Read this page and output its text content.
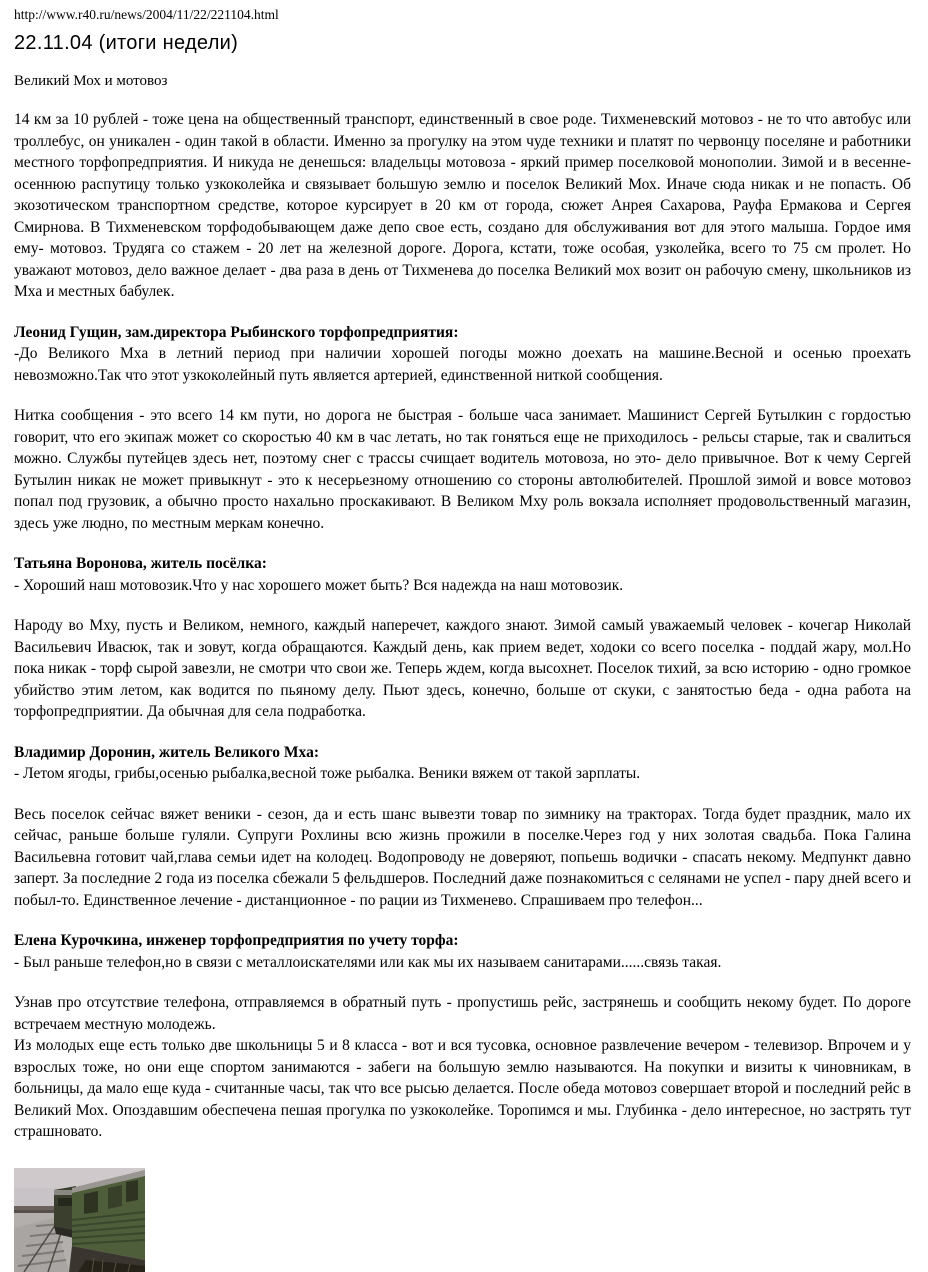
http://www.r40.ru/news/2004/11/22/221104.html
22.11.04 (итоги недели)
Великий Мох и мотовоз

14 км за 10 рублей - тоже цена на общественный транспорт, единственный в свое роде. Тихменевский мотовоз - не то что автобус или троллебус, он уникален - один такой в области. Именно за прогулку на этом чуде техники и платят по червонцу поселяне и работники местного торфопредприятия. И никуда не денешься: владельцы мотовоза - яркий пример поселковой монополии. Зимой и в весенне-осеннюю распутицу только узкоколейка и связывает большую землю и поселок Великий Мох. Иначе сюда никак и не попасть. Об экозотическом транспортном средстве, которое курсирует в 20 км от города, сюжет Анрея Сахарова, Рауфа Ермакова и Сергея Смирнова. В Тихменевском торфодобывающем даже депо свое есть, создано для обслуживания вот для этого малыша. Гордое имя ему- мотовоз. Трудяга со стажем - 20 лет на железной дороге. Дорога, кстати, тоже особая, узколейка, всего то 75 см пролет. Но уважают мотовоз, дело важное делает - два раза в день от Тихменева до поселка Великий мох возит он рабочую смену, школьников из Мха и местных бабулек.

Леонид Гущин, зам.директора Рыбинского торфопредприятия:

-До Великого Мха в летний период при наличии хорошей погоды можно доехать на машине.Весной и осенью проехать невозможно.Так что этот узкоколейный путь является артерией, единственной ниткой сообщения.

Нитка сообщения - это всего 14 км пути, но дорога не быстрая - больше часа занимает. Машинист Сергей Бутылкин с гордостью говорит, что его экипаж может со скоростью 40 км в час летать, но так гоняться еще не приходилось - рельсы старые, так и свалиться можно. Службы путейцев здесь нет, поэтому снег с трассы счищает водитель мотовоза, но это- дело привычное. Вот к чему Сергей Бутылин никак не может привыкнут - это к несерьезному отношению со стороны автолюбителей. Прошлой зимой и вовсе мотовоз попал под грузовик, а обычно просто нахально проскакивают. В Великом Мху роль вокзала исполняет продовольственный магазин, здесь уже людно, по местным меркам конечно.

Татьяна Воронова, житель посёлка:

- Хороший наш мотовозик.Что у нас хорошего может быть? Вся надежда на наш мотовозик.

Народу во Мху, пусть и Великом, немного, каждый наперечет, каждого знают. Зимой самый уважаемый человек - кочегар Николай Васильевич Ивасюк, так и зовут, когда обращаются. Каждый день, как прием ведет, ходоки со всего поселка - поддай жару, мол.Но пока никак - торф сырой завезли, не смотри что свои же. Теперь ждем, когда высохнет. Поселок тихий, за всю историю - одно громкое убийство этим летом, как водится по пьяному делу. Пьют здесь, конечно, больше от скуки, с занятостью беда - одна работа на торфопредприятии. Да обычная для села подработка.

Владимир Доронин, житель Великого Мха:

- Летом ягоды, грибы,осенью рыбалка,весной тоже рыбалка. Веники вяжем от такой зарплаты.

Весь поселок сейчас вяжет веники - сезон, да и есть шанс вывезти товар по зимнику на тракторах. Тогда будет праздник, мало их сейчас, раньше больше гуляли. Супруги Рохлины всю жизнь прожили в поселке.Через год у них золотая свадьба. Пока Галина Васильевна готовит чай,глава семьи идет на колодец. Водопроводу не доверяют, попьешь водички - спасать некому. Медпункт давно заперт. За последние 2 года из поселка сбежали 5 фельдшеров. Последний даже познакомиться с селянами не успел - пару дней всего и побыл-то. Единственное лечение - дистанционное - по рации из Тихменево. Спрашиваем про телефон...

Елена Курочкина, инженер торфопредприятия по учету торфа:

- Был раньше телефон,но в связи с металлоискателями или как мы их называем санитарами......связь такая.

Узнав про отсутствие телефона, отправляемся в обратный путь - пропустишь рейс, застрянешь и сообщить некому будет. По дороге встречаем местную молодежь.

Из молодых еще есть только две школьницы 5 и 8 класса - вот и вся тусовка, основное развлечение вечером - телевизор. Впрочем и у взрослых тоже, но они еще спортом занимаются - забеги на большую землю называются. На покупки и визиты к чиновникам, в больницы, да мало еще куда - считанные часы, так что все рысью делается. После обеда мотовоз совершает второй и последний рейс в Великий Мох. Опоздавшим обеспечена пешая прогулка по узкоколейке. Торопимся и мы. Глубинка - дело интересное, но застрять тут страшновато.
